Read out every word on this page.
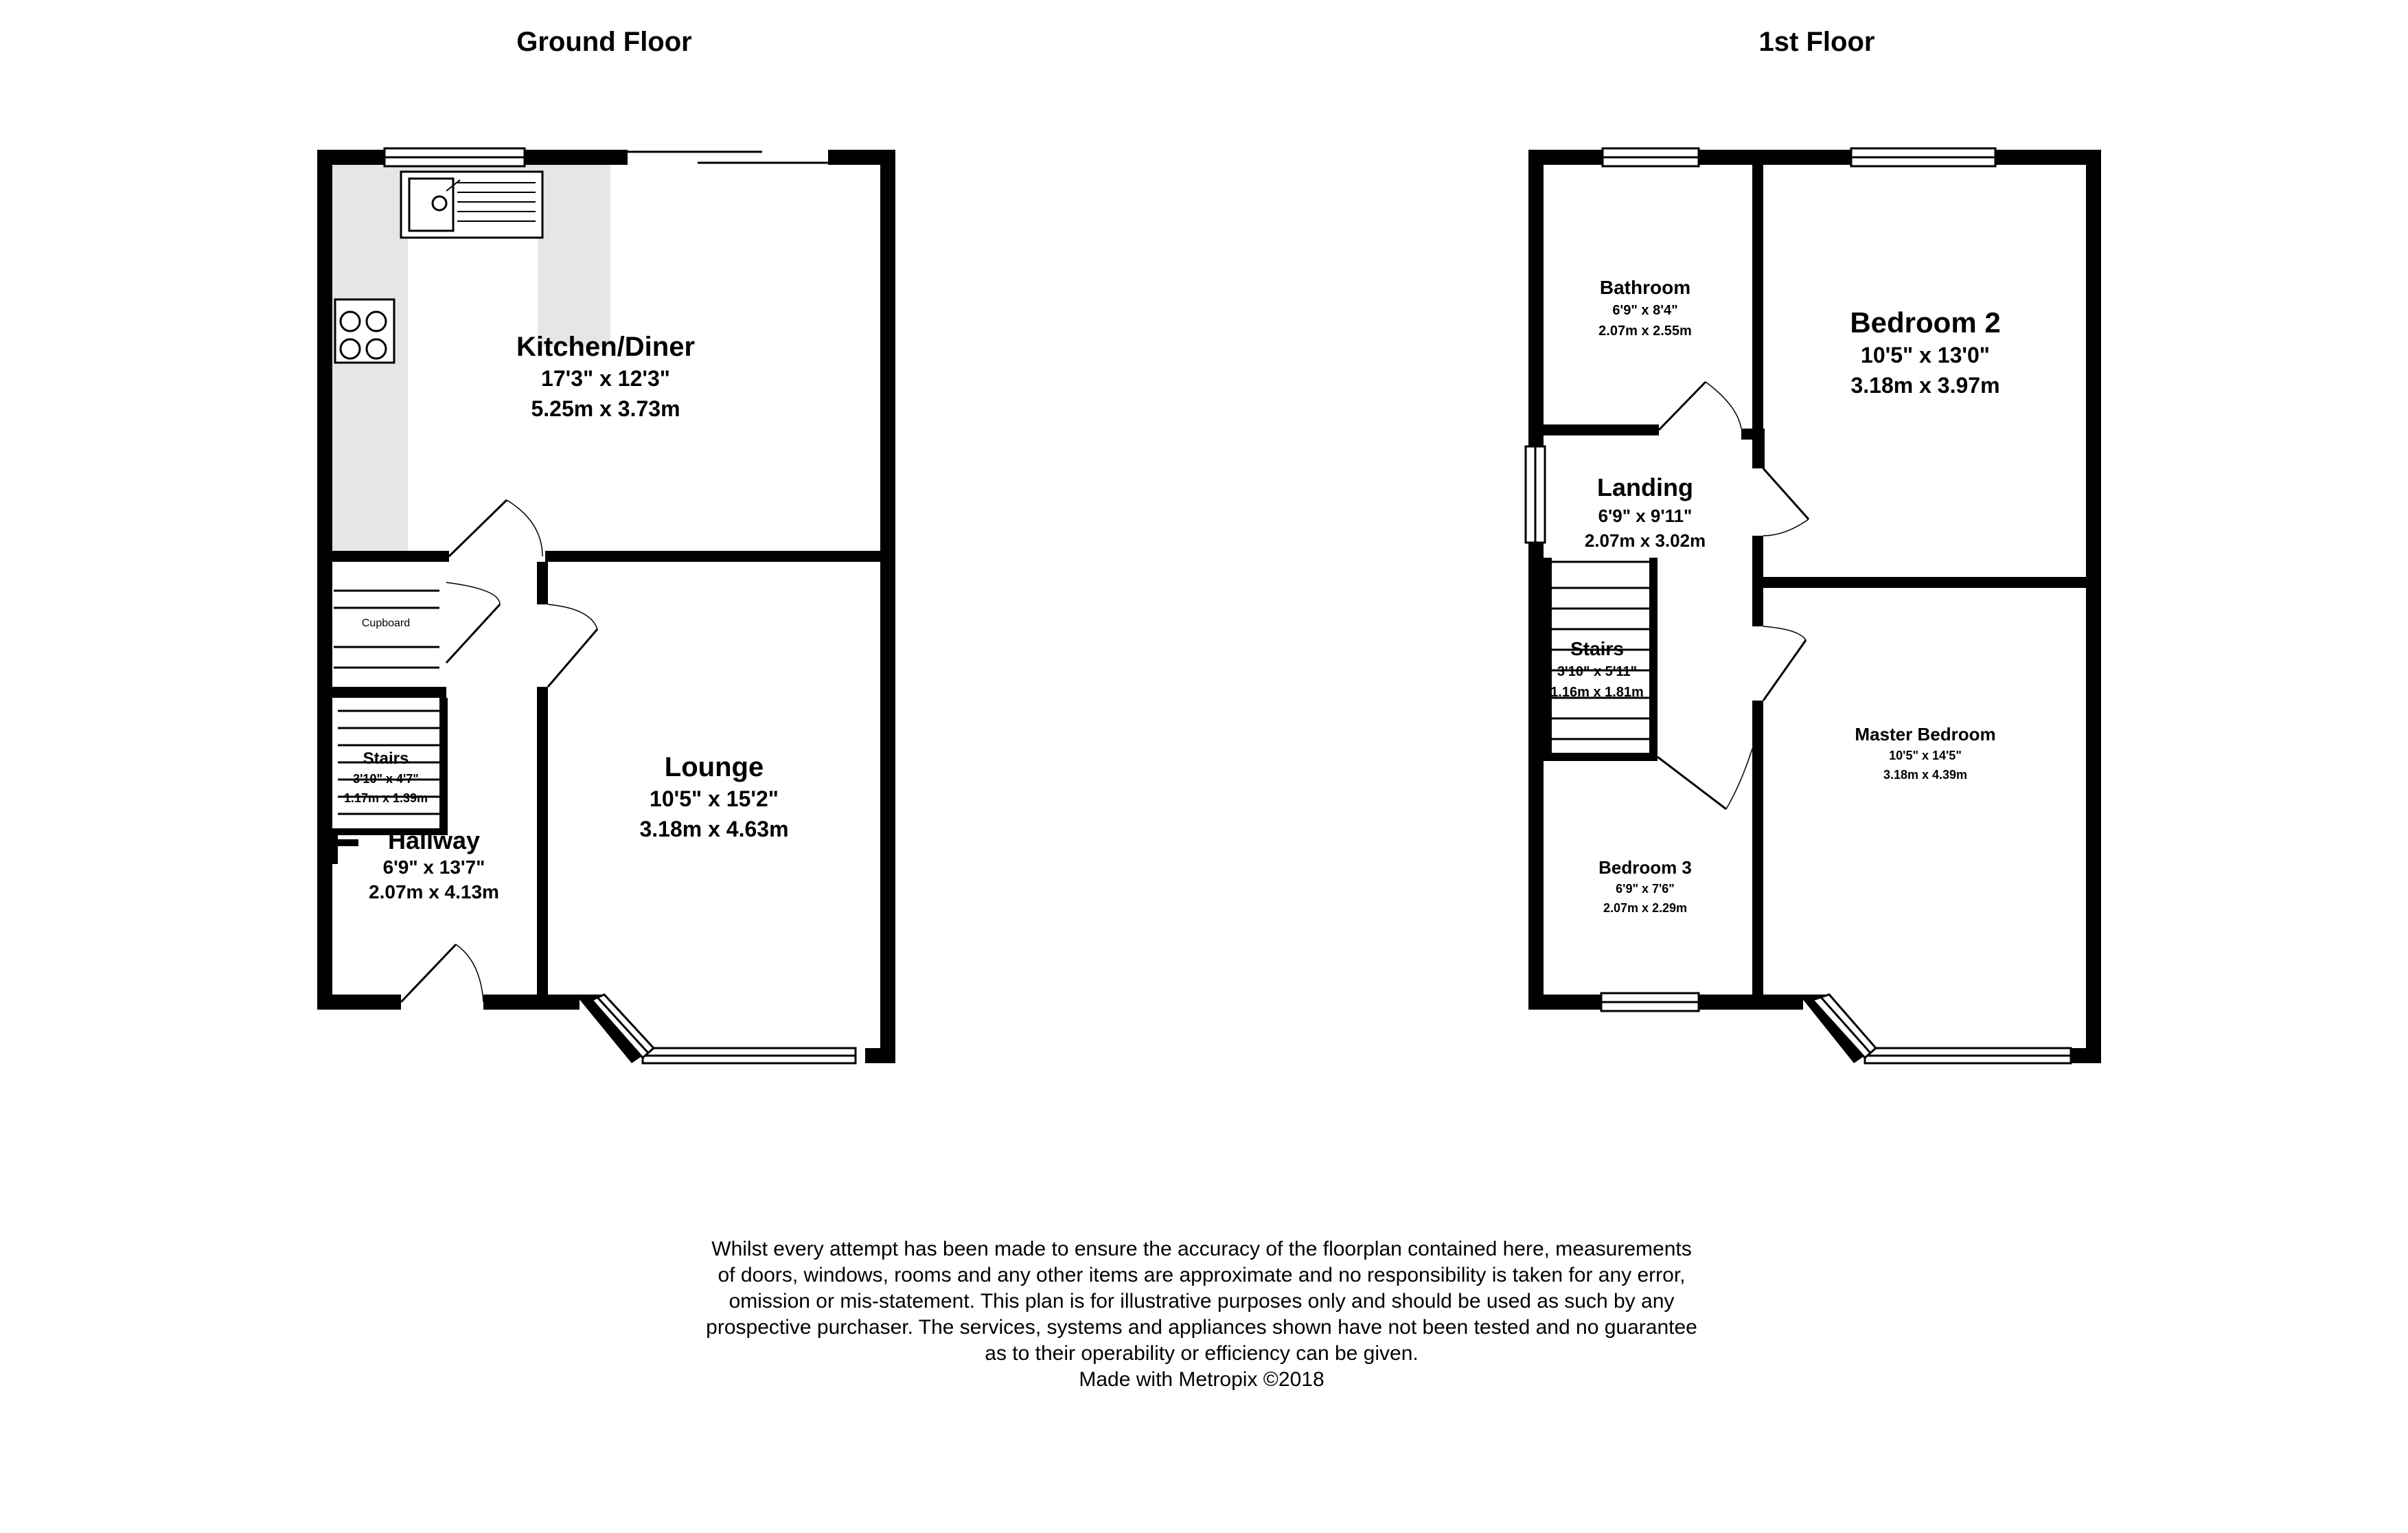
Ground Floor
Kitchen/Diner
17'3" x 12'3"
5.25m x 3.73m
Lounge
10'5" x 15'2"
3.18m x 4.63m
Hallway
6'9" x 13'7"
2.07m x 4.13m
Stairs
3'10" x 4'7"
1.17m x 1.39m
Cupboard
1st Floor
Bathroom
6'9" x 8'4"
2.07m x 2.55m	Bedroom 2
10'5" x 13'0"
3.18m x 3.97m
Landing
6'9" x 9'11"
2.07m x 3.02m
Stairs
3'10" x 5'11"
1.16m x 1.81m
Master Bedroom
10'5" x 14'5"
3.18m x 4.39m
Bedroom 3
6'9" x 7'6"
2.07m x 2.29m
Whilst every attempt has been made to ensure the accuracy of the floorplan contained here, measurements
of doors, windows, rooms and any other items are approximate and no responsibility is taken for any error,
omission or mis-statement. This plan is for illustrative purposes only and should be used as such by any
prospective purchaser. The services, systems and appliances shown have not been tested and no guarantee
as to their operability or efficiency can be given.
Made with Metropix ©2018
